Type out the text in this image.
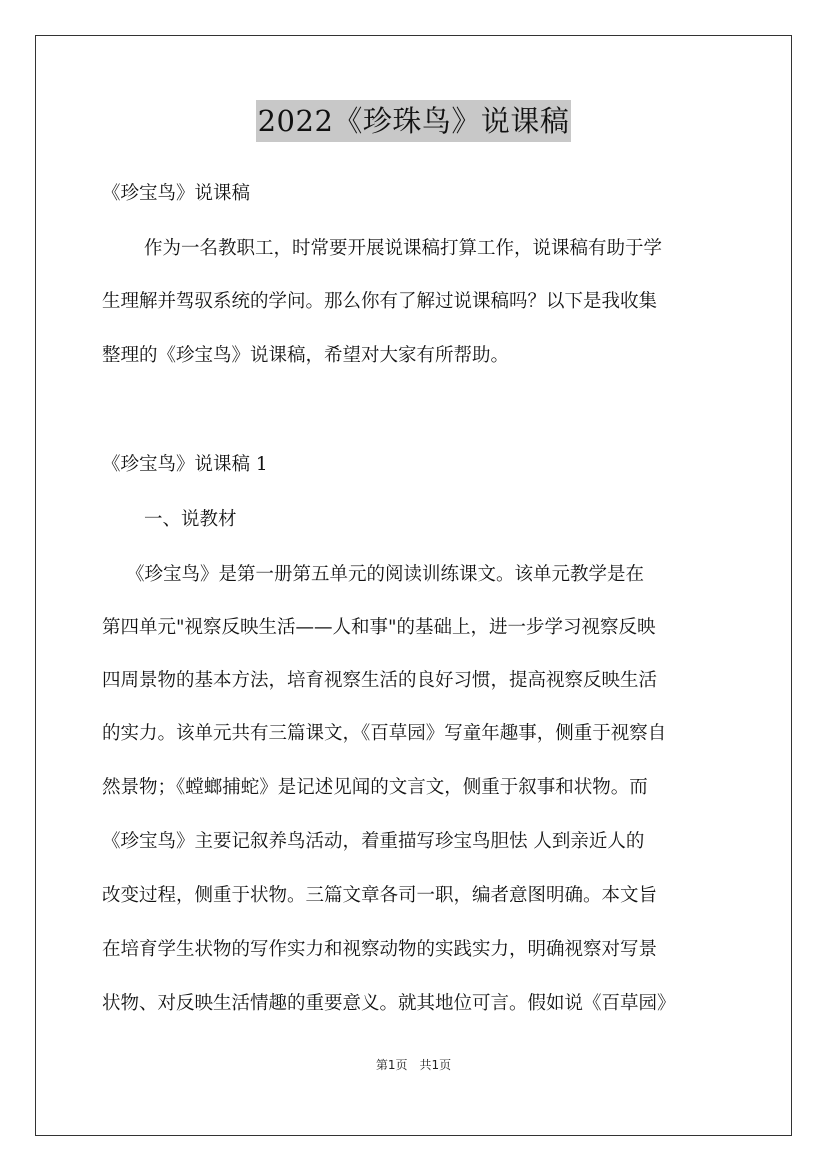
2022《珍珠鸟》说课稿
《珍宝鸟》说课稿
作为一名教职工，时常要开展说课稿打算工作，说课稿有助于学
生理解并驾驭系统的学问。那么你有了解过说课稿吗？以下是我收集
整理的《珍宝鸟》说课稿，希望对大家有所帮助。
《珍宝鸟》说课稿 1
一、说教材
《珍宝鸟》是第一册第五单元的阅读训练课文。该单元教学是在
第四单元"视察反映生活——人和事"的基础上，进一步学习视察反映
四周景物的基本方法，培育视察生活的良好习惯，提高视察反映生活
的实力。该单元共有三篇课文，《百草园》写童年趣事，侧重于视察自
然景物；《螳螂捕蛇》是记述见闻的文言文，侧重于叙事和状物。而
《珍宝鸟》主要记叙养鸟活动，着重描写珍宝鸟胆怯 人到亲近人的
改变过程，侧重于状物。三篇文章各司一职，编者意图明确。本文旨
在培育学生状物的写作实力和视察动物的实践实力，明确视察对写景
状物、对反映生活情趣的重要意义。就其地位可言。假如说《百草园》
第1页　共1页
